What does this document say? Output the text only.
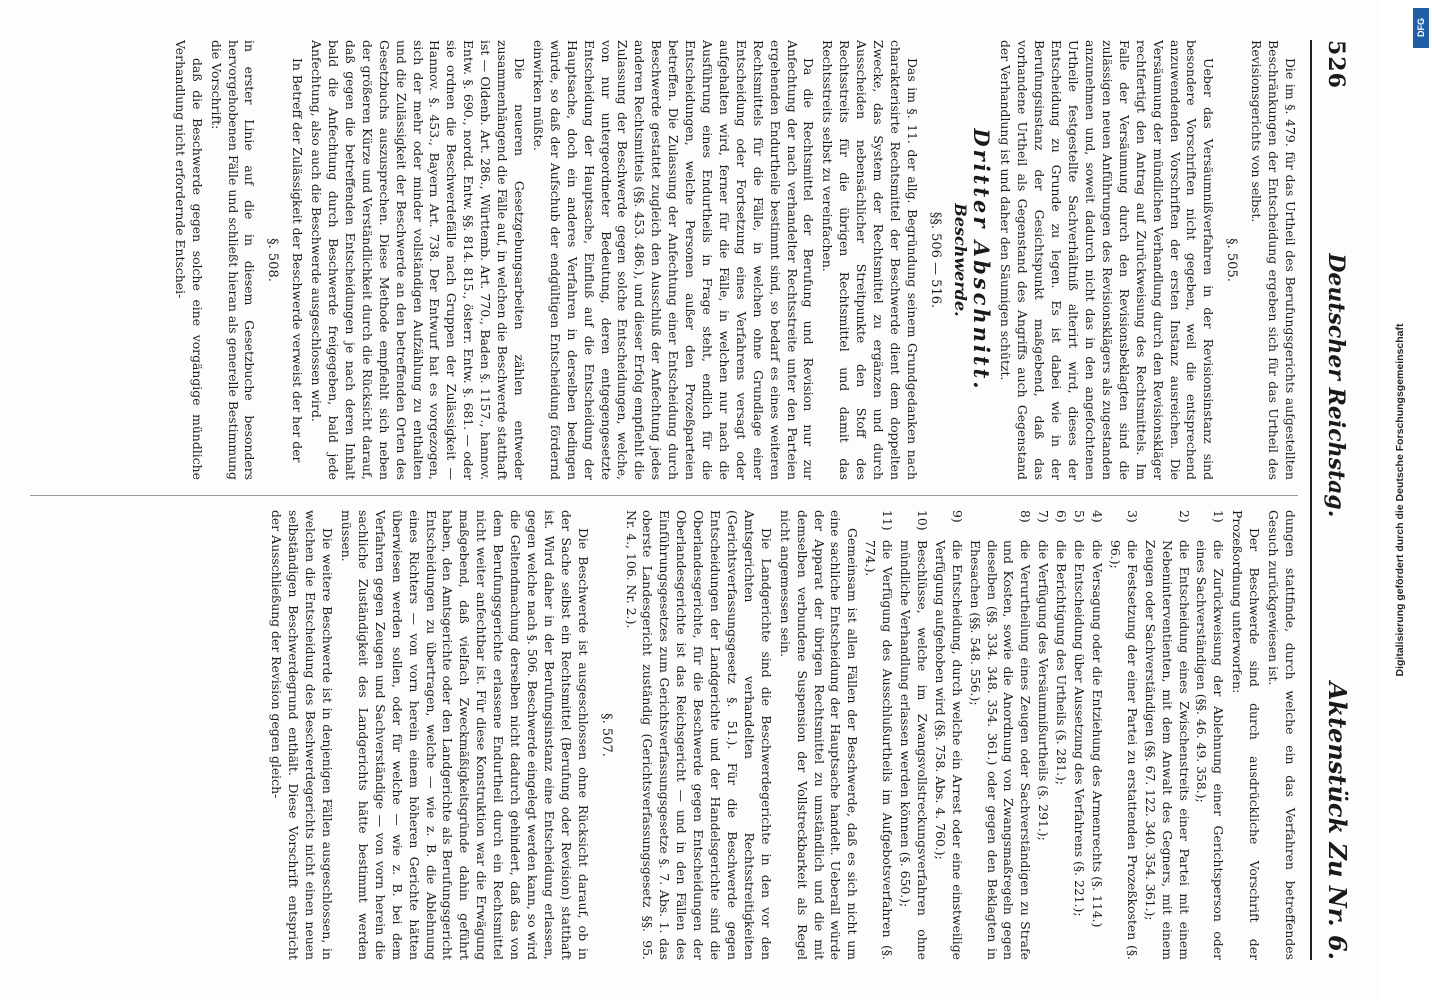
526
Deutscher Reichstag.
Aktenstück Zu Nr. 6.

Die im §. 479. für das Urtheil des Berufungsgerichts aufgestellten Beschränkungen der Entscheidung ergeben sich für das Urtheil des Revisionsgerichts von selbst.

§. 505.

Ueber das Versäumnißverfahren in der Revisionsinstanz sind besondere Vorschriften nicht gegeben, weil die entsprechend anzuwendenden Vorschriften der ersten Instanz ausreichen. Die Versäumung der mündlichen Verhandlung durch den Revisionskläger rechtfertigt den Antrag auf Zurückweisung des Rechtsmittels. Im Falle der Versäumung durch den Revisionsbeklagten sind die zulässigen neuen Anführungen des Revisionsklägers als zugestanden anzunehmen und, soweit dadurch nicht das in den angefochtenen Urtheile festgestellte Sachverhältniß alterirt wird, dieses der Entscheidung zu Grunde zu legen. Es ist dabei wie in der Berufungsinstanz der Gesichtspunkt maßgebend, daß das vorhandene Urtheil als Gegenstand des Angriffs auch Gegenstand der Verhandlung ist und daher den Säumigen schützt.

Dritter Abschnitt.
Beschwerde.
§§. 506 — 516.

Das im §. 11. der allg. Begründung seinem Grundgedanken nach charakterisirte Rechtsmittel der Beschwerde dient dem doppelten Zwecke, das System der Rechtsmittel zu ergänzen und durch Ausscheiden nebensächlicher Streitpunkte den Stoff des Rechtsstreits für die übrigen Rechtsmittel und damit das Rechtsstreits selbst zu vereinfachen.

Da die Rechtsmittel der Berufung und Revision nur zur Anfechtung der nach verhandelter Rechtsstreite unter den Parteien ergehenden Endurtheile bestimmt sind, so bedarf es eines weiteren Rechtsmittels für die Fälle, in welchen ohne Grundlage einer Entscheidung oder Fortsetzung eines Verfahrens versagt oder aufgehalten wird, ferner für die Fälle, in welchen nur nach die Ausführung eines Endurtheils in Frage steht, endlich für die Entscheidungen, welche Personen außer den Prozeßparteien betreffen. Die Zulassung der Anfechtung einer Entscheidung durch Beschwerde gestattet zugleich den Ausschluß der Anfechtung jedes anderen Rechtsmittels (§§. 453. 486.), und dieser Erfolg empfiehlt die Zulassung der Beschwerde gegen solche Entscheidungen, welche, von nur untergeordneter Bedeutung, deren entgegengesetzte Entscheidung der Hauptsache, Einfluß auf die Entscheidung der Hauptsache, doch ein anderes Verfahren in derselben bedingen würde, so daß der Aufschub der endgültigen Entscheidung fördernd einwirken müßte.

Die neueren Gesetzgebungsarbeiten zählen entweder zusammenhängend die Fälle auf, in welchen die Beschwerde statthaft ist — Oldenb. Art. 286., Württemb. Art. 770., Baden §. 1157., hannov. Entw. §. 690., nordd. Entw. §§. 814. 815., österr. Entw. §. 681. — oder sie ordnen die Beschwerdefälle nach Gruppen der Zulässigkeit — Hannov. §. 453., Bayern Art. 738. Der Entwurf hat es vorgezogen, sich der mehr oder minder vollständigen Aufzählung zu enthalten und die Zulässigkeit der Beschwerde an den betreffenden Orten des Gesetzbuchs auszusprechen. Diese Methode empfiehlt sich neben der größeren Kürze und Verständlichkeit durch die Rücksicht darauf, daß gegen die betreffenden Entscheidungen je nach deren Inhalt bald die Anfechtung durch Beschwerde freigegeben, bald jede Anfechtung, also auch die Beschwerde ausgeschlossen wird.

In Betreff der Zulässigkeit der Beschwerde verweist der her der

§. 508.

in erster Linie auf die in diesem Gesetzbuche besonders hervorgehobenen Fälle und schließt hieran als generelle Bestimmung die Vorschrift:

daß die Beschwerde gegen solche eine vorgängige mündliche Verhandlung nicht erfordernde Entschei-

dungen stattfinde, durch welche ein das Verfahren betreffendes Gesuch zurückgewiesen ist.

Der Beschwerde sind durch ausdrückliche Vorschrift der Prozeßordnung unterworfen:

1)
die Zurückweisung der Ablehnung einer Gerichtsperson oder eines Sachverständigen (§§. 46. 49. 358.);
2)
die Entscheidung eines Zwischenstreits einer Partei mit einem Nebeninterventienten, mit dem Anwalt des Gegners, mit einem Zeugen oder Sachverständigen (§§. 67. 122. 340. 354. 361.);
3)
die Festsetzung der einer Partei zu erstattenden Prozeßkosten (§. 96.);
4)
die Versagung oder die Entziehung des Armenrechts (§. 114.)
5)
die Entscheidung über Aussetzung des Verfahrens (§. 221.);
6)
die Berichtigung des Urtheils (§. 281.);
7)
die Verfügung des Versäumnißurtheils (§. 291.);
8)
die Verurtheilung eines Zeugen oder Sachverständigen zu Strafe und Kosten, sowie die Anordnung von Zwangsmaßregeln gegen dieselben (§§. 334. 348. 354. 361.) oder gegen den Beklagten in Ehesachen (§§. 548. 556.);
9)
die Entscheidung, durch welche ein Arrest oder eine einstweilige Verfügung aufgehoben wird (§§. 758. Abs. 4. 760.);
10)
Beschlüsse, welche im Zwangsvollstreckungsverfahren ohne mündliche Verhandlung erlassen werden können (§. 650.);
11)
die Verfügung des Ausschlußurtheils im Aufgebotsverfahren (§. 774.).

Gemeinsam ist allen Fällen der Beschwerde, daß es sich nicht um eine sachliche Entscheidung der Hauptsache handelt. Ueberall würde der Apparat der übrigen Rechtsmittel zu umständlich und die mit demselben verbundene Suspension der Vollstreckbarkeit als Regel nicht angemessen sein.

Die Landgerichte sind die Beschwerdegerichte in den vor den Amtsgerichten verhandelten Rechtsstreitigkeiten (Gerichtsverfassungsgesetz §. 51.). Für die Beschwerde gegen Entscheidungen der Landgerichte und der Handelsgerichte sind die Oberlandesgerichte, für die Beschwerde gegen Entscheidungen der Oberlandesgerichte ist das Reichsgericht — und in den Fällen des Einführungsgesetzes zum Gerichtsverfassungsgesetze §. 7. Abs. 1. das oberste Landesgericht zuständig (Gerichtsverfassungsgesetz §§. 95. Nr. 4., 106. Nr. 2.).

§. 507.

Die Beschwerde ist ausgeschlossen ohne Rücksicht darauf, ob in der Sache selbst ein Rechtsmittel (Berufung oder Revision) statthaft ist. Wird daher in der Berufungsinstanz eine Entscheidung erlassen, gegen welche nach §. 506. Beschwerde eingelegt werden kann, so wird die Geltendmachung derselben nicht dadurch gehindert, daß das von dem Berufungsgerichte erlassene Endurtheil durch ein Rechtsmittel nicht weiter anfechtbar ist. Für diese Konstruktion war die Erwägung maßgebend, daß vielfach Zweckmäßigkeitsgründe dahin geführt haben, den Amtsgerichte oder den Landgerichte als Berufungsgericht Entscheidungen zu übertragen, welche — wie z. B. die Ablehnung eines Richters — von vorn herein einem höheren Gerichte hätten überwiesen werden sollen, oder für welche — wie z. B. bei dem Verfahren gegen Zeugen und Sachverständige — von vorn herein die sachliche Zuständigkeit des Landgerichts hätte bestimmt werden müssen.

Die weitere Beschwerde ist in denjenigen Fällen ausgeschlossen, in welchen die Entscheidung des Beschwerdegerichts nicht einen neuen selbständigen Beschwerdegrund enthält. Diese Vorschrift entspricht der Ausschließung der Revision gegen gleich-

DFG
Digitalisierung gefördert durch die Deutsche Forschungsgemeinschaft
